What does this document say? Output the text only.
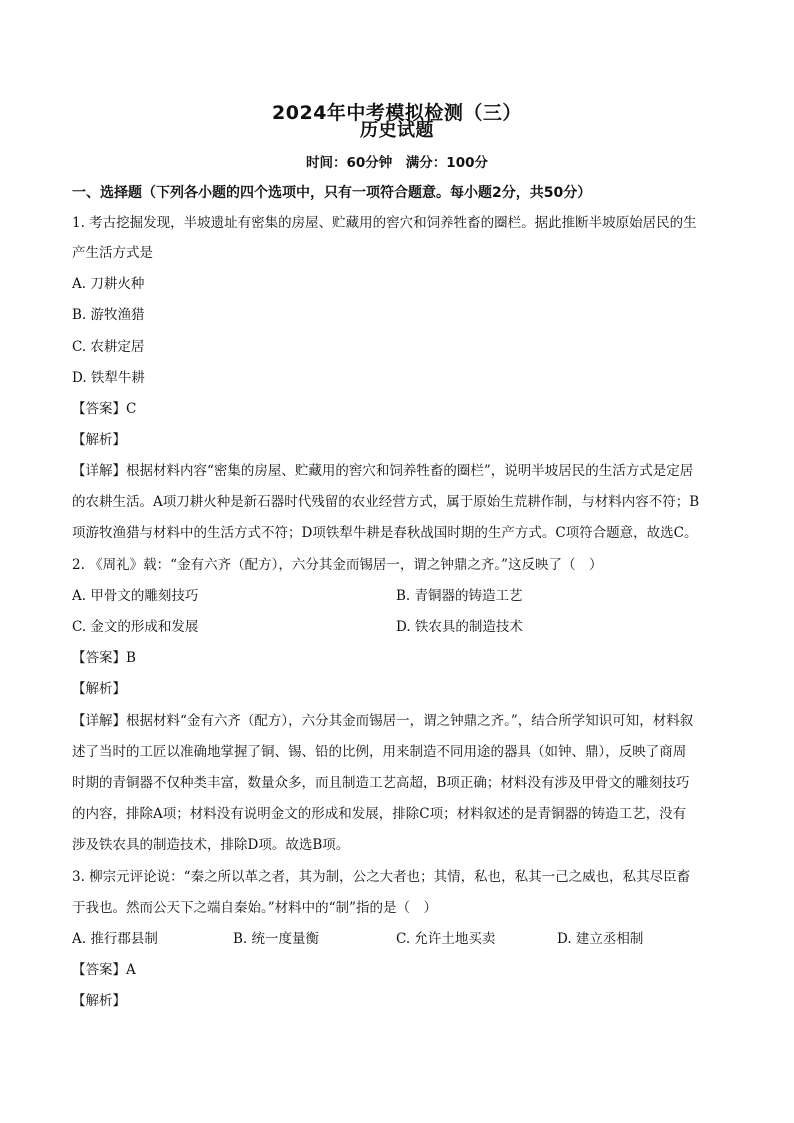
2024年中考模拟检测（三）
历史试题
时间：60分钟　满分：100分
一、选择题（下列各小题的四个选项中，只有一项符合题意。每小题2分，共50分）
1. 考古挖掘发现，半坡遗址有密集的房屋、贮藏用的窖穴和饲养牲畜的圈栏。据此推断半坡原始居民的生
产生活方式是
A. 刀耕火种
B. 游牧渔猎
C. 农耕定居
D. 铁犁牛耕
【答案】C
【解析】
【详解】根据材料内容“密集的房屋、贮藏用的窖穴和饲养牲畜的圈栏”，说明半坡居民的生活方式是定居
的农耕生活。A项刀耕火种是新石器时代残留的农业经营方式，属于原始生荒耕作制，与材料内容不符；B
项游牧渔猎与材料中的生活方式不符；D项铁犁牛耕是春秋战国时期的生产方式。C项符合题意，故选C。
2. 《周礼》载：“金有六齐（配方），六分其金而锡居一，谓之钟鼎之齐。”这反映了（　）
A. 甲骨文的雕刻技巧	B. 青铜器的铸造工艺
C. 金文的形成和发展	D. 铁农具的制造技术
【答案】B
【解析】
【详解】根据材料“金有六齐（配方），六分其金而锡居一，谓之钟鼎之齐。”，结合所学知识可知，材料叙
述了当时的工匠以准确地掌握了铜、锡、铅的比例，用来制造不同用途的器具（如钟、鼎），反映了商周
时期的青铜器不仅种类丰富，数量众多，而且制造工艺高超，B项正确；材料没有涉及甲骨文的雕刻技巧
的内容，排除A项；材料没有说明金文的形成和发展，排除C项；材料叙述的是青铜器的铸造工艺，没有
涉及铁农具的制造技术，排除D项。故选B项。
3. 柳宗元评论说：“秦之所以革之者，其为制，公之大者也；其情，私也，私其一己之威也，私其尽臣畜
于我也。然而公天下之端自秦始。”材料中的“制”指的是（　）
A. 推行郡县制	B. 统一度量衡	C. 允许土地买卖	D. 建立丞相制
【答案】A
【解析】
